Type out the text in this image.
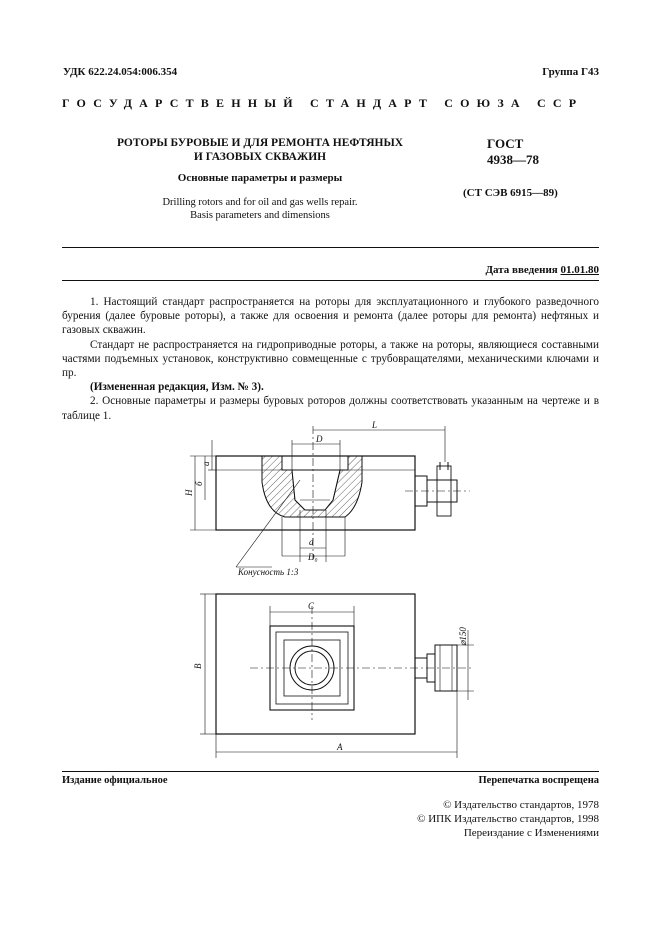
УДК 622.24.054:006.354	Группа Г43
ГОСУДАРСТВЕННЫЙ СТАНДАРТ СОЮЗА ССР
РОТОРЫ БУРОВЫЕ И ДЛЯ РЕМОНТА НЕФТЯНЫХ
И ГАЗОВЫХ СКВАЖИН
Основные параметры и размеры
Drilling rotors and for oil and gas wells repair.
Basis parameters and dimensions
ГОСТ
4938—78
(СТ СЭВ 6915—89)
Дата введения 01.01.80

1. Настоящий стандарт распространяется на роторы для эксплуатационного и глубокого разведочного бурения (далее буровые роторы), а также для освоения и ремонта (далее роторы для ремонта) нефтяных и газовых скважин.

Стандарт не распространяется на гидроприводные роторы, а также на роторы, являющиеся составными частями подъемных установок, конструктивно совмещенные с трубовращателями, механическими ключами и пр.

(Измененная редакция, Изм. № 3).

2. Основные параметры и размеры буровых роторов должны соответствовать указанным на чертеже и в таблице 1.

D
L
a
б
H
d
D₀
Конусность 1:3
C
B
A
⌀150
Издание официальное	Перепечатка воспрещена
© Издательство стандартов, 1978
© ИПК Издательство стандартов, 1998
Переиздание с Изменениями
